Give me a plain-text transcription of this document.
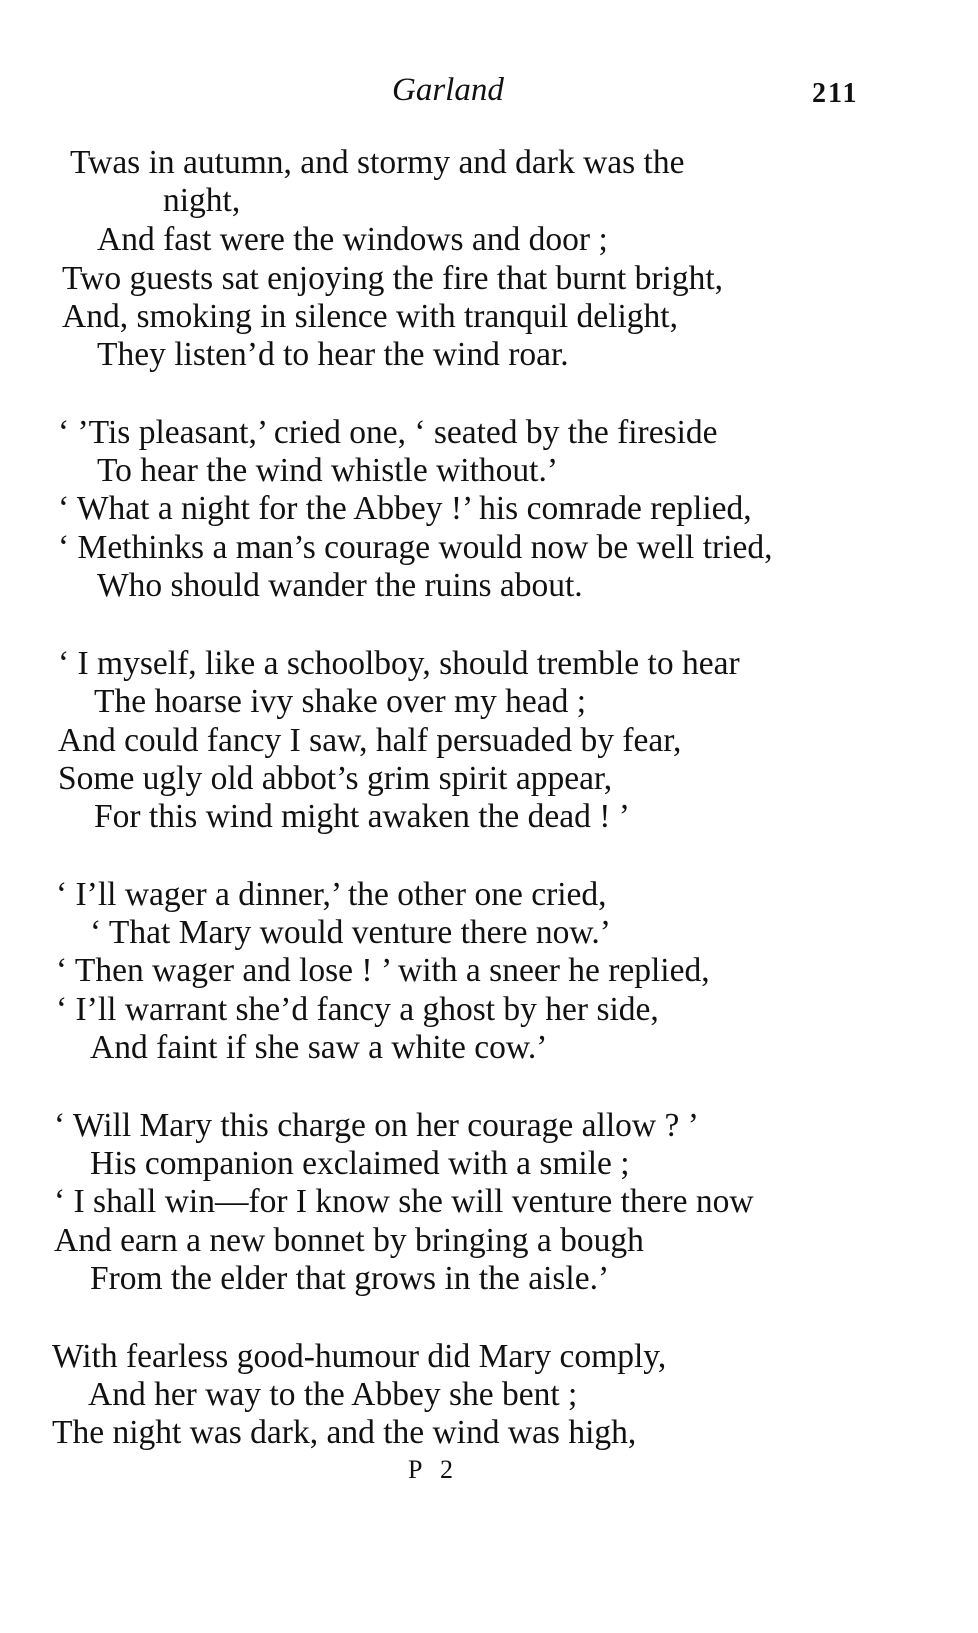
Garland	211
Twas in autumn, and stormy and dark was the
night,
And fast were the windows and door ;
Two guests sat enjoying the fire that burnt bright,
And, smoking in silence with tranquil delight,
They listen’d to hear the wind roar.
‘ ’Tis pleasant,’ cried one, ‘ seated by the fireside
To hear the wind whistle without.’
‘ What a night for the Abbey !’ his comrade replied,
‘ Methinks a man’s courage would now be well tried,
Who should wander the ruins about.
‘ I myself, like a schoolboy, should tremble to hear
The hoarse ivy shake over my head ;
And could fancy I saw, half persuaded by fear,
Some ugly old abbot’s grim spirit appear,
For this wind might awaken the dead ! ’
‘ I’ll wager a dinner,’ the other one cried,
‘ That Mary would venture there now.’
‘ Then wager and lose ! ’ with a sneer he replied,
‘ I’ll warrant she’d fancy a ghost by her side,
And faint if she saw a white cow.’
‘ Will Mary this charge on her courage allow ? ’
His companion exclaimed with a smile ;
‘ I shall win—for I know she will venture there now
And earn a new bonnet by bringing a bough
From the elder that grows in the aisle.’
With fearless good-humour did Mary comply,
And her way to the Abbey she bent ;
The night was dark, and the wind was high,
P 2
